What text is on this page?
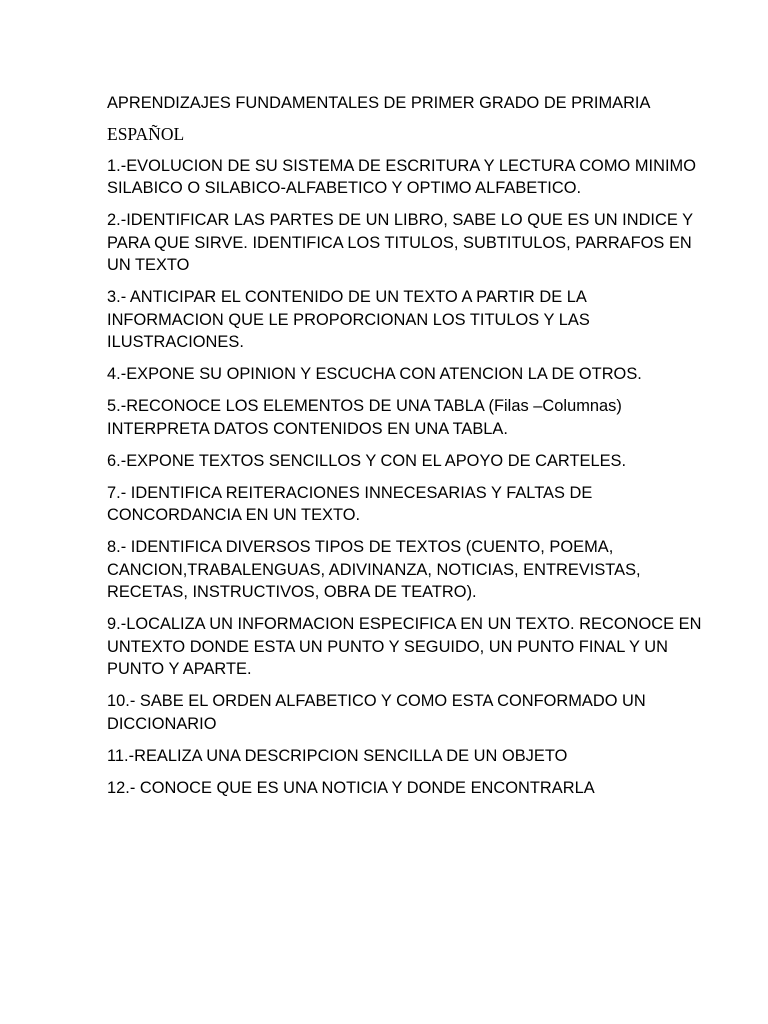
APRENDIZAJES FUNDAMENTALES DE PRIMER GRADO DE PRIMARIA
ESPAÑOL
1.-EVOLUCION DE SU SISTEMA DE ESCRITURA Y LECTURA COMO MINIMO SILABICO O SILABICO-ALFABETICO Y OPTIMO ALFABETICO.
2.-IDENTIFICAR LAS PARTES DE UN LIBRO, SABE LO QUE ES UN INDICE Y PARA QUE SIRVE. IDENTIFICA LOS TITULOS, SUBTITULOS, PARRAFOS EN UN TEXTO
3.- ANTICIPAR EL CONTENIDO DE UN TEXTO A PARTIR DE LA INFORMACION QUE LE PROPORCIONAN LOS TITULOS Y LAS ILUSTRACIONES.
4.-EXPONE SU OPINION Y ESCUCHA CON ATENCION LA DE OTROS.
5.-RECONOCE LOS ELEMENTOS DE UNA TABLA (Filas –Columnas) INTERPRETA DATOS CONTENIDOS EN UNA TABLA.
6.-EXPONE TEXTOS SENCILLOS Y CON EL APOYO DE CARTELES.
7.- IDENTIFICA REITERACIONES INNECESARIAS Y FALTAS DE CONCORDANCIA EN UN TEXTO.
8.- IDENTIFICA DIVERSOS TIPOS DE TEXTOS (CUENTO, POEMA, CANCION,TRABALENGUAS, ADIVINANZA, NOTICIAS, ENTREVISTAS, RECETAS, INSTRUCTIVOS, OBRA DE TEATRO).
9.-LOCALIZA UN INFORMACION ESPECIFICA EN UN TEXTO. RECONOCE EN UNTEXTO DONDE ESTA UN PUNTO Y SEGUIDO, UN PUNTO FINAL Y UN PUNTO Y APARTE.
10.- SABE EL ORDEN ALFABETICO Y COMO ESTA CONFORMADO UN DICCIONARIO
11.-REALIZA UNA DESCRIPCION SENCILLA DE UN OBJETO
12.- CONOCE QUE ES UNA NOTICIA Y DONDE ENCONTRARLA
